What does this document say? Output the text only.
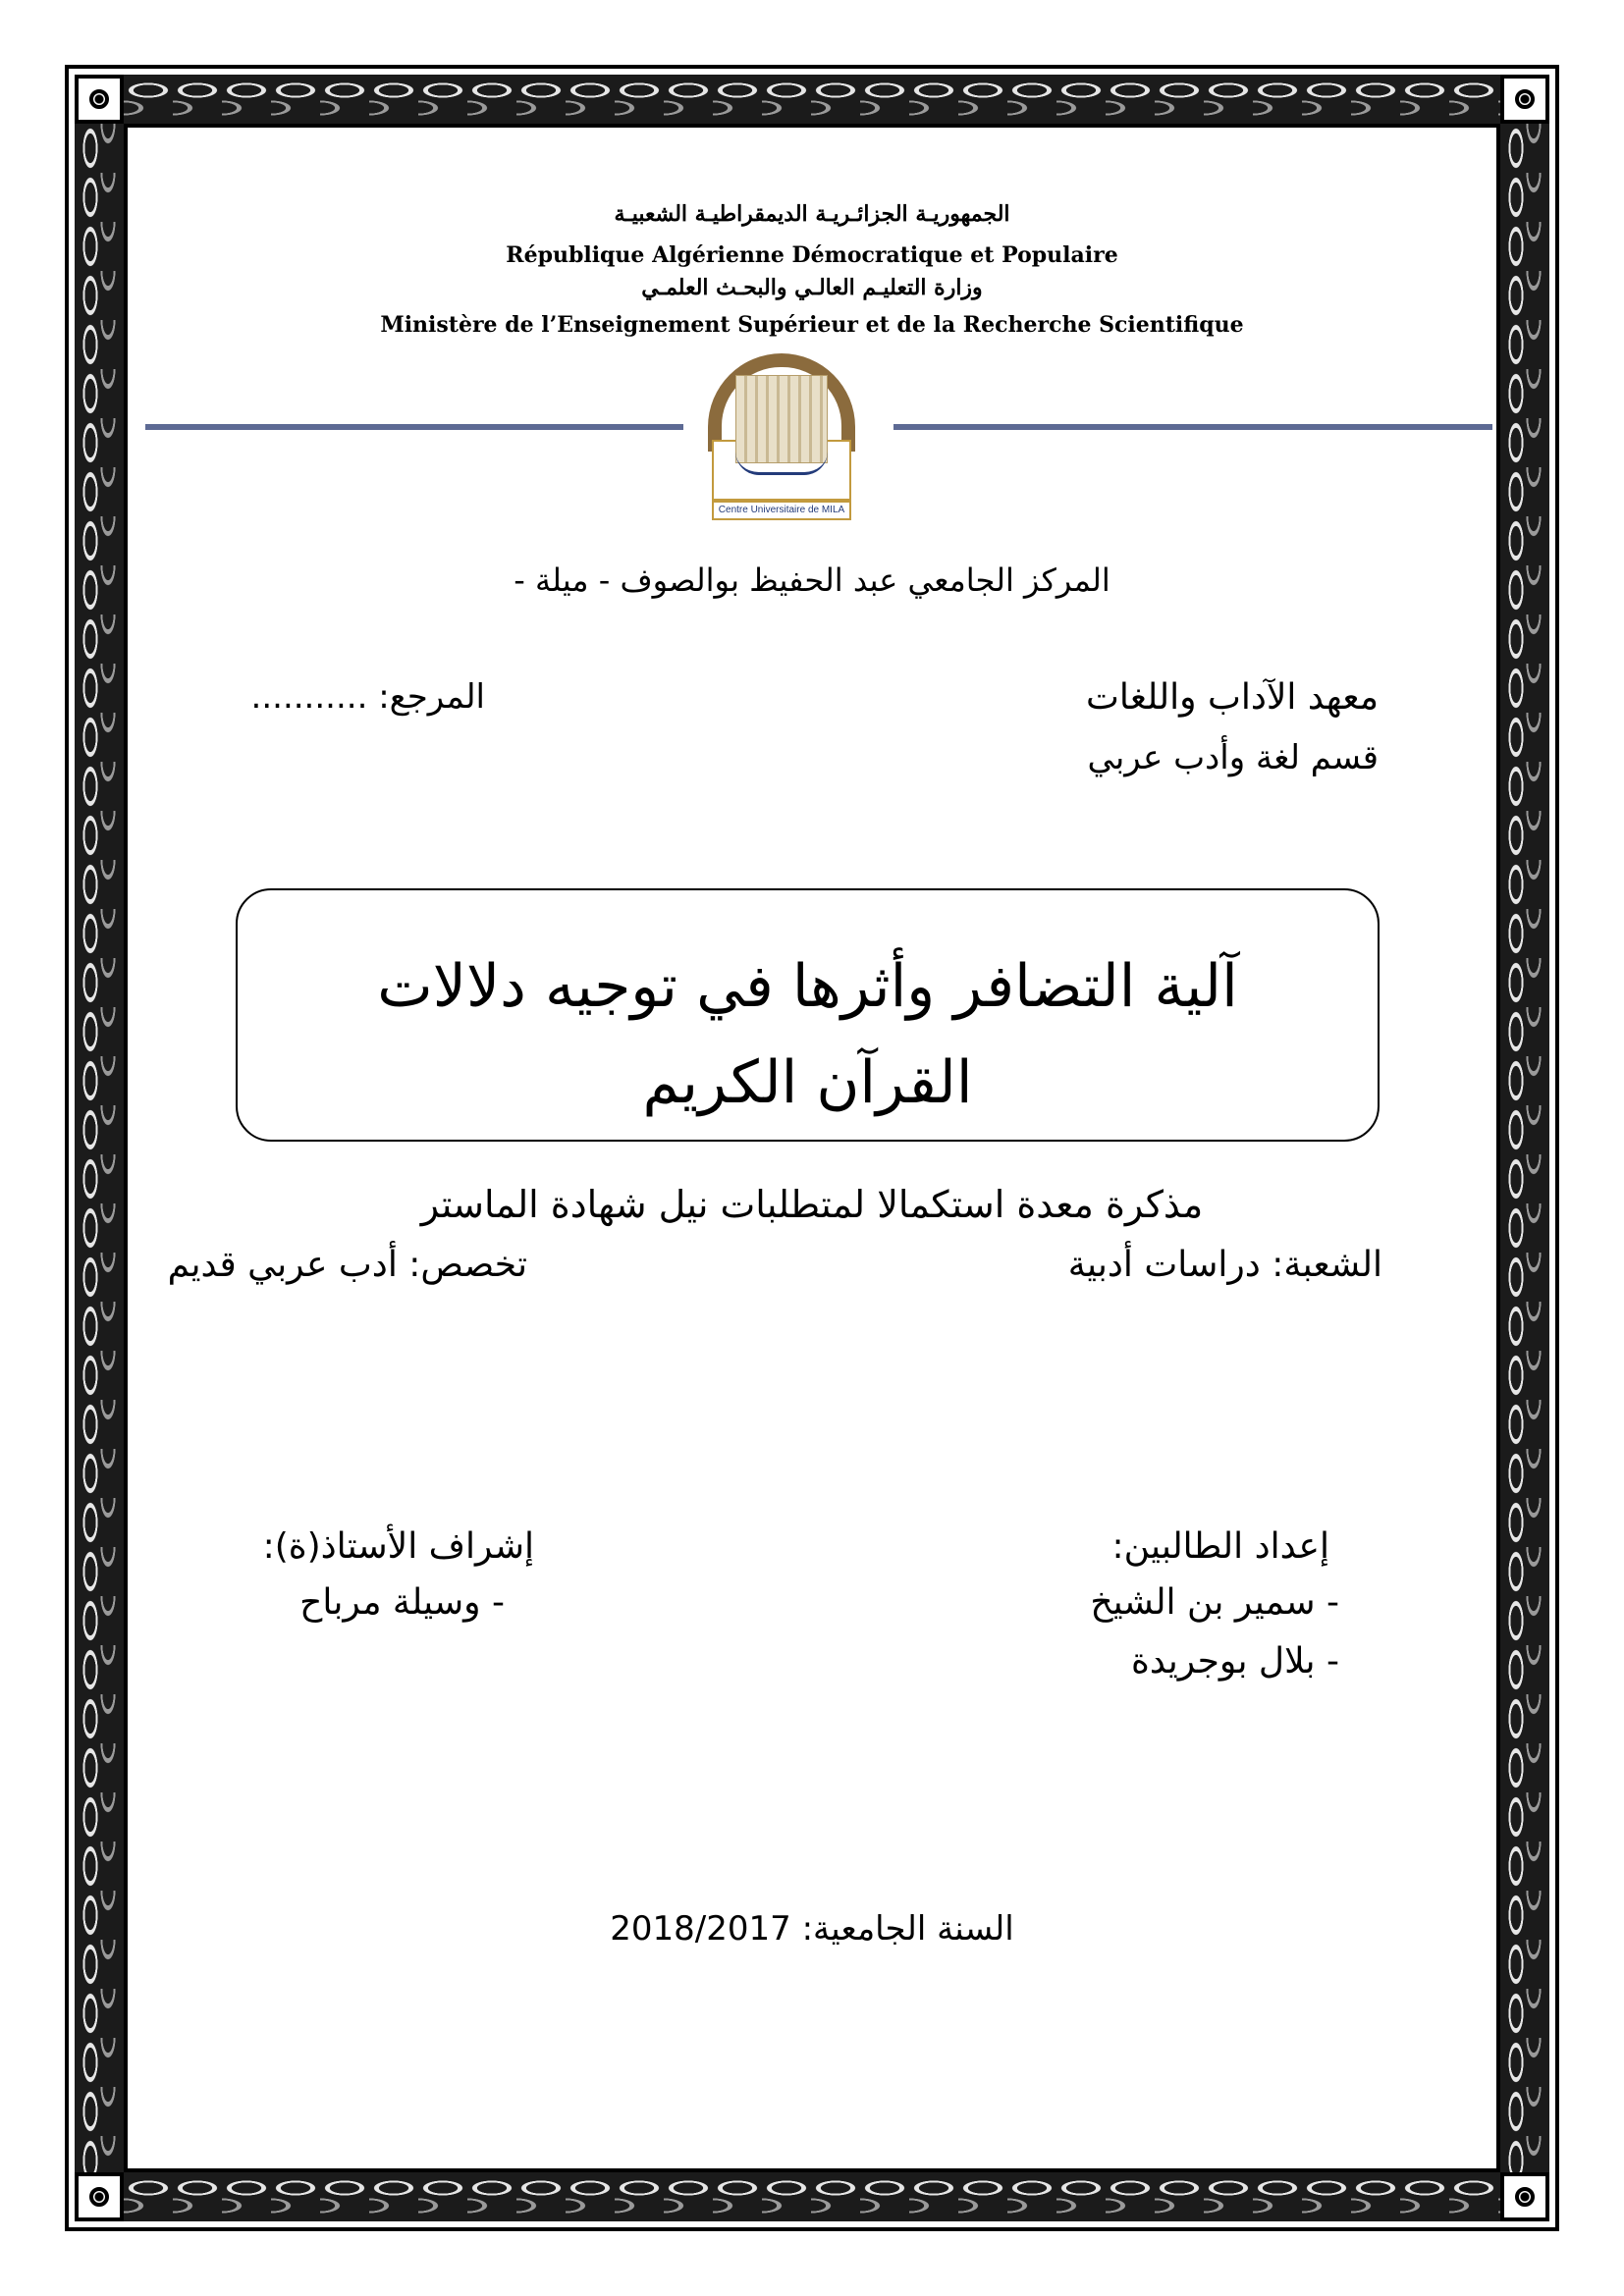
الجمهوريـة الجزائـريـة الديمقراطيـة الشعبيـة
République Algérienne Démocratique et Populaire
وزارة التعليـم العالـي والبحـث العلمـي
Ministère de l’Enseignement Supérieur et de la Recherche Scientifique
Centre Universitaire de MILA
المركز الجامعي عبد الحفيظ بوالصوف - ميلة -
معهد الآداب واللغات
قسم لغة وأدب عربي
المرجع: ...........
آلية التضافر وأثرها في توجيه دلالات
القرآن الكريم
مذكرة معدة استكمالا لمتطلبات نيل شهادة الماستر
الشعبة: دراسات أدبية
تخصص: أدب عربي قديم
إعداد الطالبين:
- سمير بن الشيخ
- بلال بوجريدة
إشراف الأستاذ(ة):
- وسيلة مرباح
السنة الجامعية: 2018/2017
